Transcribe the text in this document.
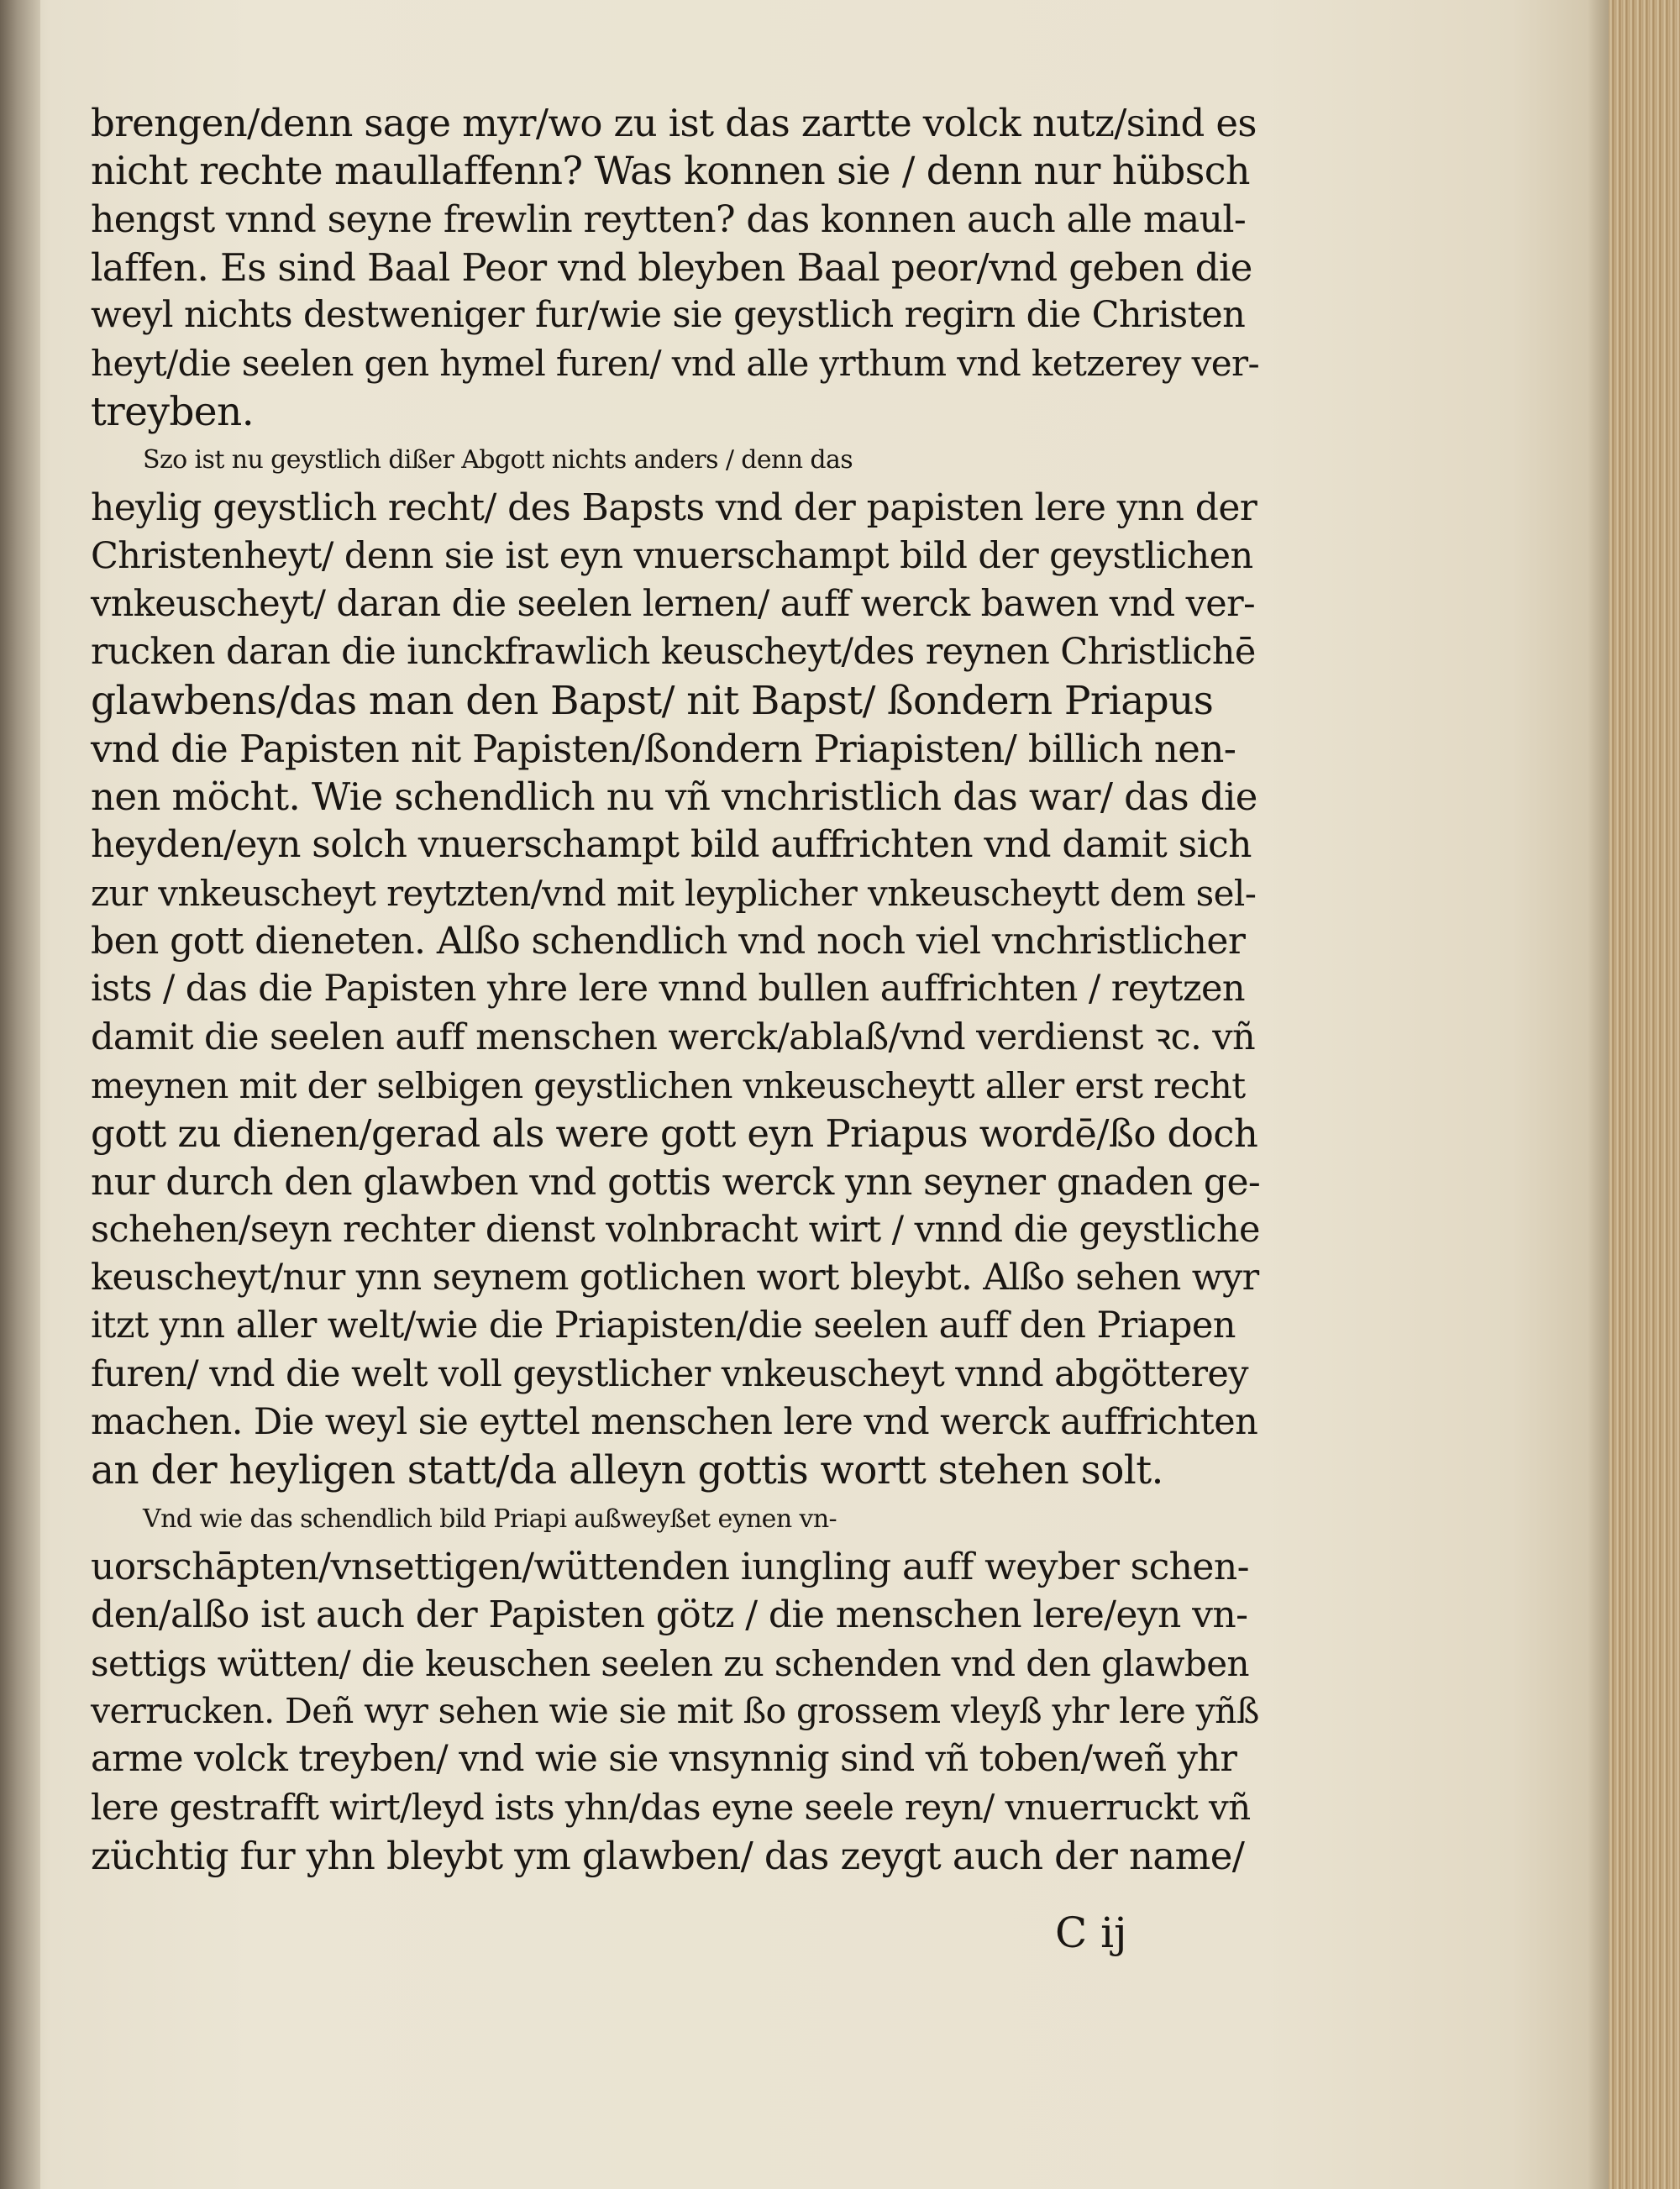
brengen/denn sage myr/wo zu ist das zartte volck nutz/sind es
nicht rechte maullaffenn? Was konnen sie / denn nur hübsch
hengst vnnd seyne frewlin reytten? das konnen auch alle maul-
laffen. Es sind Baal Peor vnd bleyben Baal peor/vnd geben die
weyl nichts destweniger fur/wie sie geystlich regirn die Christen
heyt/die seelen gen hymel furen/ vnd alle yrthum vnd ketzerey ver-
treyben.
Szo ist nu geystlich dißer Abgott nichts anders / denn das
heylig geystlich recht/ des Bapsts vnd der papisten lere ynn der
Christenheyt/ denn sie ist eyn vnuerschampt bild der geystlichen
vnkeuscheyt/ daran die seelen lernen/ auff werck bawen vnd ver-
rucken daran die iunckfrawlich keuscheyt/des reynen Christlichē
glawbens/das man den Bapst/ nit Bapst/ ßondern Priapus
vnd die Papisten nit Papisten/ßondern Priapisten/ billich nen-
nen möcht. Wie schendlich nu vñ vnchristlich das war/ das die
heyden/eyn solch vnuerschampt bild auffrichten vnd damit sich
zur vnkeuscheyt reytzten/vnd mit leyplicher vnkeuscheytt dem sel-
ben gott dieneten. Alßo schendlich vnd noch viel vnchristlicher
ists / das die Papisten yhre lere vnnd bullen auffrichten / reytzen
damit die seelen auff menschen werck/ablaß/vnd verdienst ꝛc. vñ
meynen mit der selbigen geystlichen vnkeuscheytt aller erst recht
gott zu dienen/gerad als were gott eyn Priapus wordē/ßo doch
nur durch den glawben vnd gottis werck ynn seyner gnaden ge-
schehen/seyn rechter dienst volnbracht wirt / vnnd die geystliche
keuscheyt/nur ynn seynem gotlichen wort bleybt. Alßo sehen wyr
itzt ynn aller welt/wie die Priapisten/die seelen auff den Priapen
furen/ vnd die welt voll geystlicher vnkeuscheyt vnnd abgötterey
machen. Die weyl sie eyttel menschen lere vnd werck auffrichten
an der heyligen statt/da alleyn gottis wortt stehen solt.
Vnd wie das schendlich bild Priapi außweyßet eynen vn-
uorschāpten/vnsettigen/wüttenden iungling auff weyber schen-
den/alßo ist auch der Papisten götz / die menschen lere/eyn vn-
settigs wütten/ die keuschen seelen zu schenden vnd den glawben
verrucken. Deñ wyr sehen wie sie mit ßo grossem vleyß yhr lere yñß
arme volck treyben/ vnd wie sie vnsynnig sind vñ toben/weñ yhr
lere gestrafft wirt/leyd ists yhn/das eyne seele reyn/ vnuerruckt vñ
züchtig fur yhn bleybt ym glawben/ das zeygt auch der name/
C ij
